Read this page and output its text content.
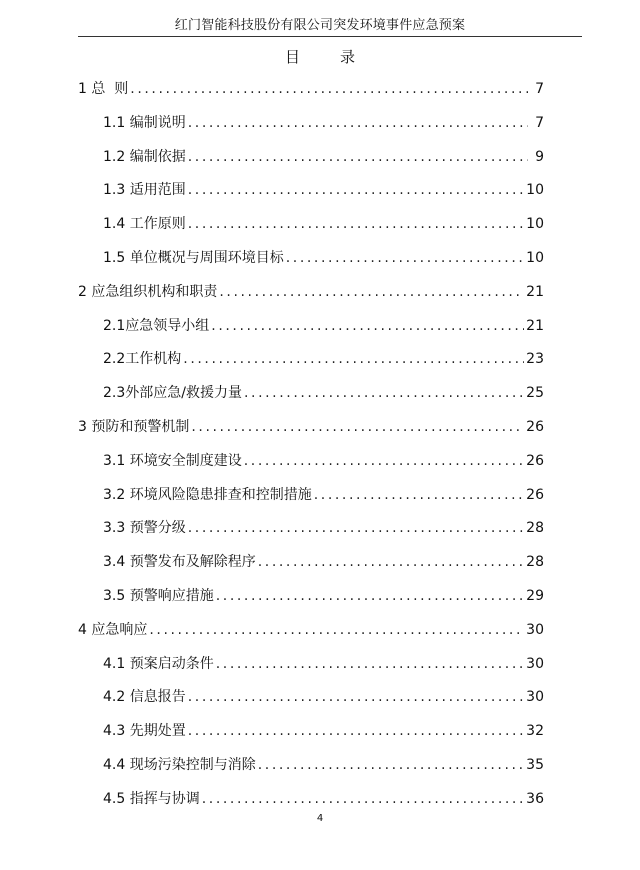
红门智能科技股份有限公司突发环境事件应急预案
目	录
1 总  则 .....	7
1.1 编制说明 .....	7
1.2 编制依据 .....	9
1.3 适用范围 .....	10
1.4 工作原则 .....	10
1.5 单位概况与周围环境目标 .....	10
2 应急组织机构和职责 .....	21
2.1 应急领导小组 .....	21
2.2 工作机构 .....	23
2.3 外部应急/救援力量 .....	25
3 预防和预警机制 .....	26
3.1 环境安全制度建设 .....	26
3.2 环境风险隐患排查和控制措施 .....	26
3.3 预警分级 .....	28
3.4 预警发布及解除程序 .....	28
3.5 预警响应措施 .....	29
4 应急响应 .....	30
4.1 预案启动条件 .....	30
4.2 信息报告 .....	30
4.3 先期处置 .....	32
4.4 现场污染控制与消除 .....	35
4.5 指挥与协调 .....	36
4
